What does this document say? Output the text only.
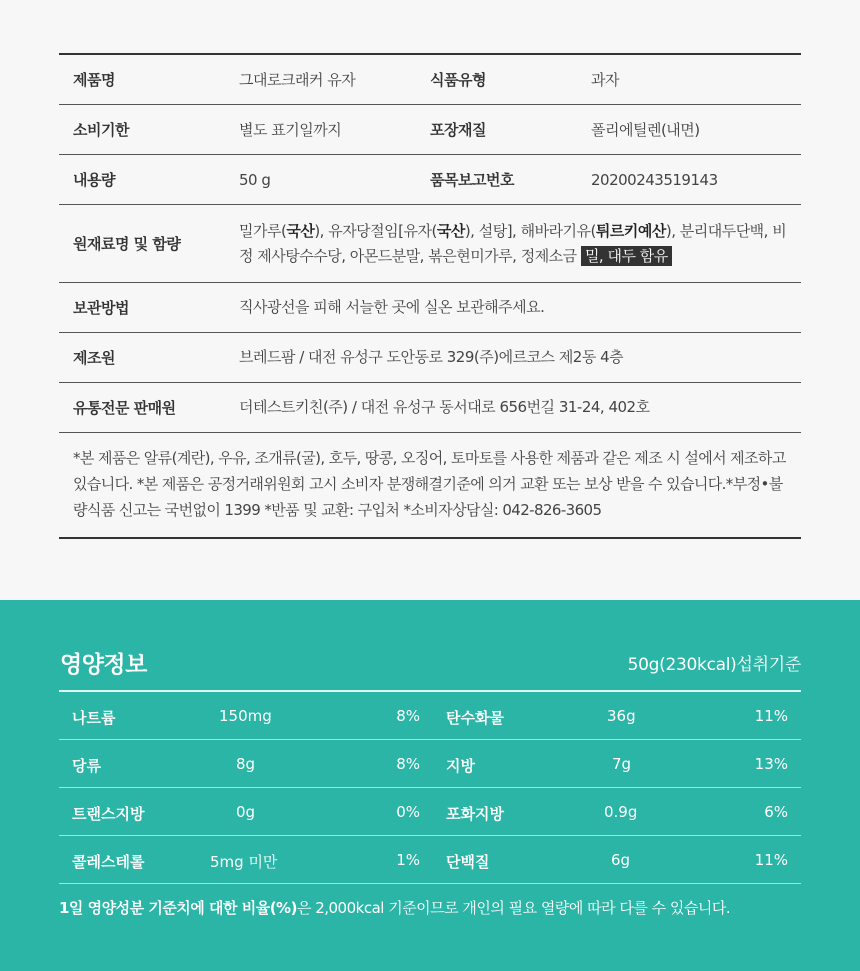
제품명	그대로크래커 유자	식품유형	과자
소비기한	별도 표기일까지	포장재질	폴리에틸렌(내면)
내용량	50 g	품목보고번호	20200243519143
원재료명 및 함량
밀가루(국산), 유자당절임[유자(국산), 설탕], 해바라기유(튀르키예산), 분리대두단백, 비정 제사탕수수당, 아몬드분말, 볶은현미가루, 정제소금 밀, 대두 함유
보관방법	직사광선을 피해 서늘한 곳에 실온 보관해주세요.
제조원	브레드팜 / 대전 유성구 도안동로 329(주)에르코스 제2동 4층
유통전문 판매원	더테스트키친(주) / 대전 유성구 동서대로 656번길 31-24, 402호
*본 제품은 알류(계란), 우유, 조개류(굴), 호두, 땅콩, 오징어, 토마토를 사용한 제품과 같은 제조 시 설에서 제조하고 있습니다. *본 제품은 공정거래위원회 고시 소비자 분쟁해결기준에 의거 교환 또는 보상 받을 수 있습니다.*부정•불량식품 신고는 국번없이 1399 *반품 및 교환: 구입처 *소비자상담실: 042-826-3605
영양정보	50g(230kcal)섭취기준
나트륨	150mg	8% 탄수화물	36g	11%
당류	8g	8% 지방	7g	13%
트랜스지방	0g	0% 포화지방	0.9g	6%
콜레스테롤	5mg 미만	1% 단백질	6g	11%
1일 영양성분 기준치에 대한 비율(%)은 2,000kcal 기준이므로 개인의 필요 열량에 따라 다를 수 있습니다.
